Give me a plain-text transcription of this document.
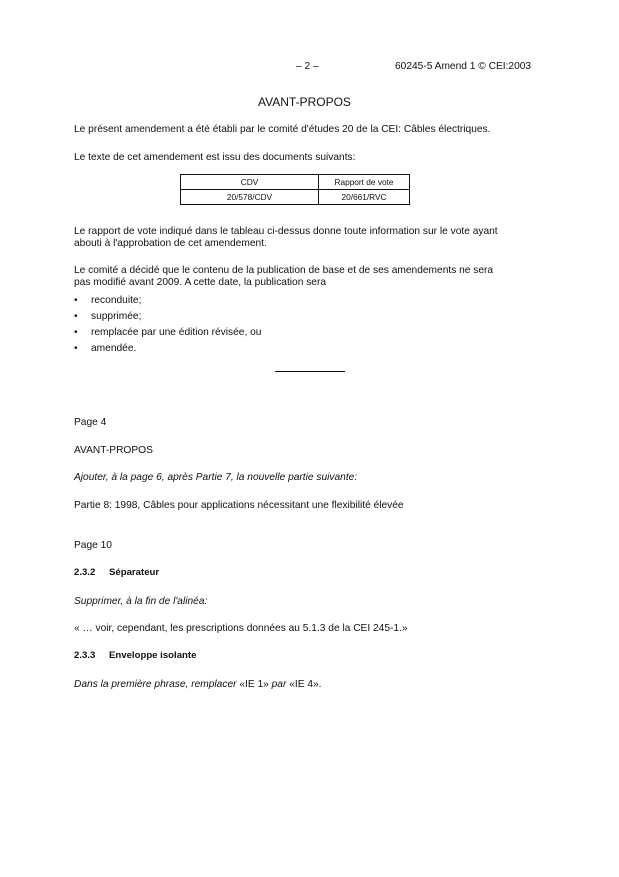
– 2 –	60245-5 Amend 1 © CEI:2003
AVANT-PROPOS
Le présent amendement a été établi par le comité d'études 20 de la CEI: Câbles électriques.
Le texte de cet amendement est issu des documents suivants:
CDV	Rapport de vote
20/578/CDV	20/661/RVC
Le rapport de vote indiqué dans le tableau ci-dessus donne toute information sur le vote ayant
abouti à l'approbation de cet amendement.
Le comité a décidé que le contenu de la publication de base et de ses amendements ne sera
pas modifié avant 2009. A cette date, la publication sera
• reconduite;
• supprimée;
• remplacée par une édition révisée, ou
• amendée.
Page 4
AVANT-PROPOS
Ajouter, à la page 6, après Partie 7, la nouvelle partie suivante:
Partie 8: 1998, Câbles pour applications nécessitant une flexibilité élevée
Page 10
2.3.2 Séparateur
Supprimer, à la fin de l'alinéa:
« … voir, cependant, les prescriptions données au 5.1.3 de la CEI 245-1.»
2.3.3 Enveloppe isolante
Dans la première phrase, remplacer «IE 1» par «IE 4».
